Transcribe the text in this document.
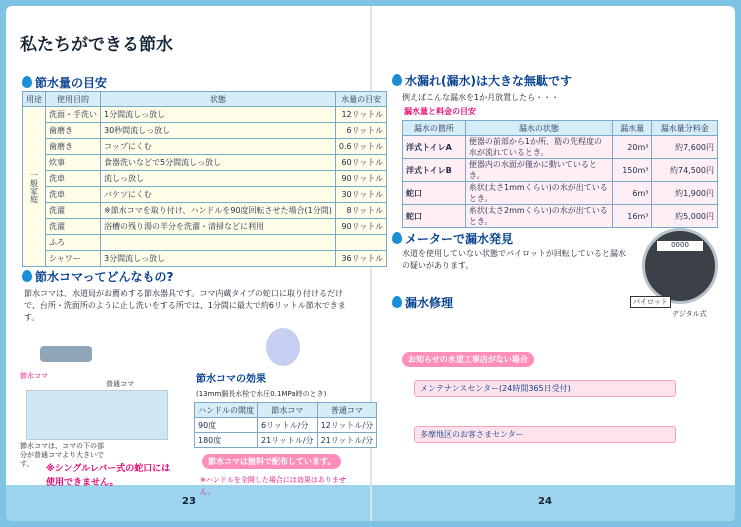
私たちができる節水
節水量の目安
用途	使用目的	状態	水量の目安
一般家庭	洗面・手洗い	1分間流しっ放し	12リットル
	歯磨き	30秒間流しっ放し	6リットル
	歯磨き	コップにくむ	0.6リットル
	炊事	食器洗いなどで5分間流しっ放し	60リットル
	洗車	流しっ放し	90リットル
	洗車	バケツにくむ	30リットル
	洗濯	※節水コマを取り付け、ハンドルを90度回転させた場合(1分間)	8リットル
	洗濯	浴槽の残り湯の半分を洗濯・清掃などに利用	90リットル
	ふろ		
	シャワー	3分間流しっ放し	36リットル
節水コマってどんなもの?
節水コマは、水道局がお薦めする節水器具です。コマ内蔵タイプの蛇口に取り付けるだけで、台所・洗面所のように止し洗いをする所では、1分間に最大で約6リットル節水できます。
節水コマ
普通コマ
節水コマは、コマの下の部分が普通コマより大きいです。	※シングルレバー式の蛇口には使用できません。
節水コマの効果
(13mm胴長水栓で水圧0.1MPa時のとき)
ハンドルの開度	節水コマ	普通コマ
90度	6リットル/分	12リットル/分
180度	21リットル/分	21リットル/分
節水コマは無料で配布しています。
※ハンドルを全開した場合には効果はありません。
23
水漏れ(漏水)は大きな無駄です
例えばこんな漏水を1か月放置したら・・・
漏水量と料金の目安
漏水の箇所	漏水の状態	漏水量	漏水量分料金
洋式トイレA	便器の前部から1か所、筋の先程度の水が流れているとき。	20m³	約7,600円
洋式トイレB	便器内の水面が僅かに動いているとき。	150m³	約74,500円
蛇口	糸状(太さ1mmくらい)の水が出ているとき。	6m³	約1,900円
蛇口	糸状(太さ2mmくらい)の水が出ているとき。	16m³	約5,000円
メーターで漏水発見
水道を使用していない状態でパイロットが回転していると漏水の疑いがあります。
0000
パイロット
デジタル式
漏水修理
お知らせの水道工事店がない場合
メンテナンスセンター(24時間365日受付)
多摩地区のお客さまセンター
24
